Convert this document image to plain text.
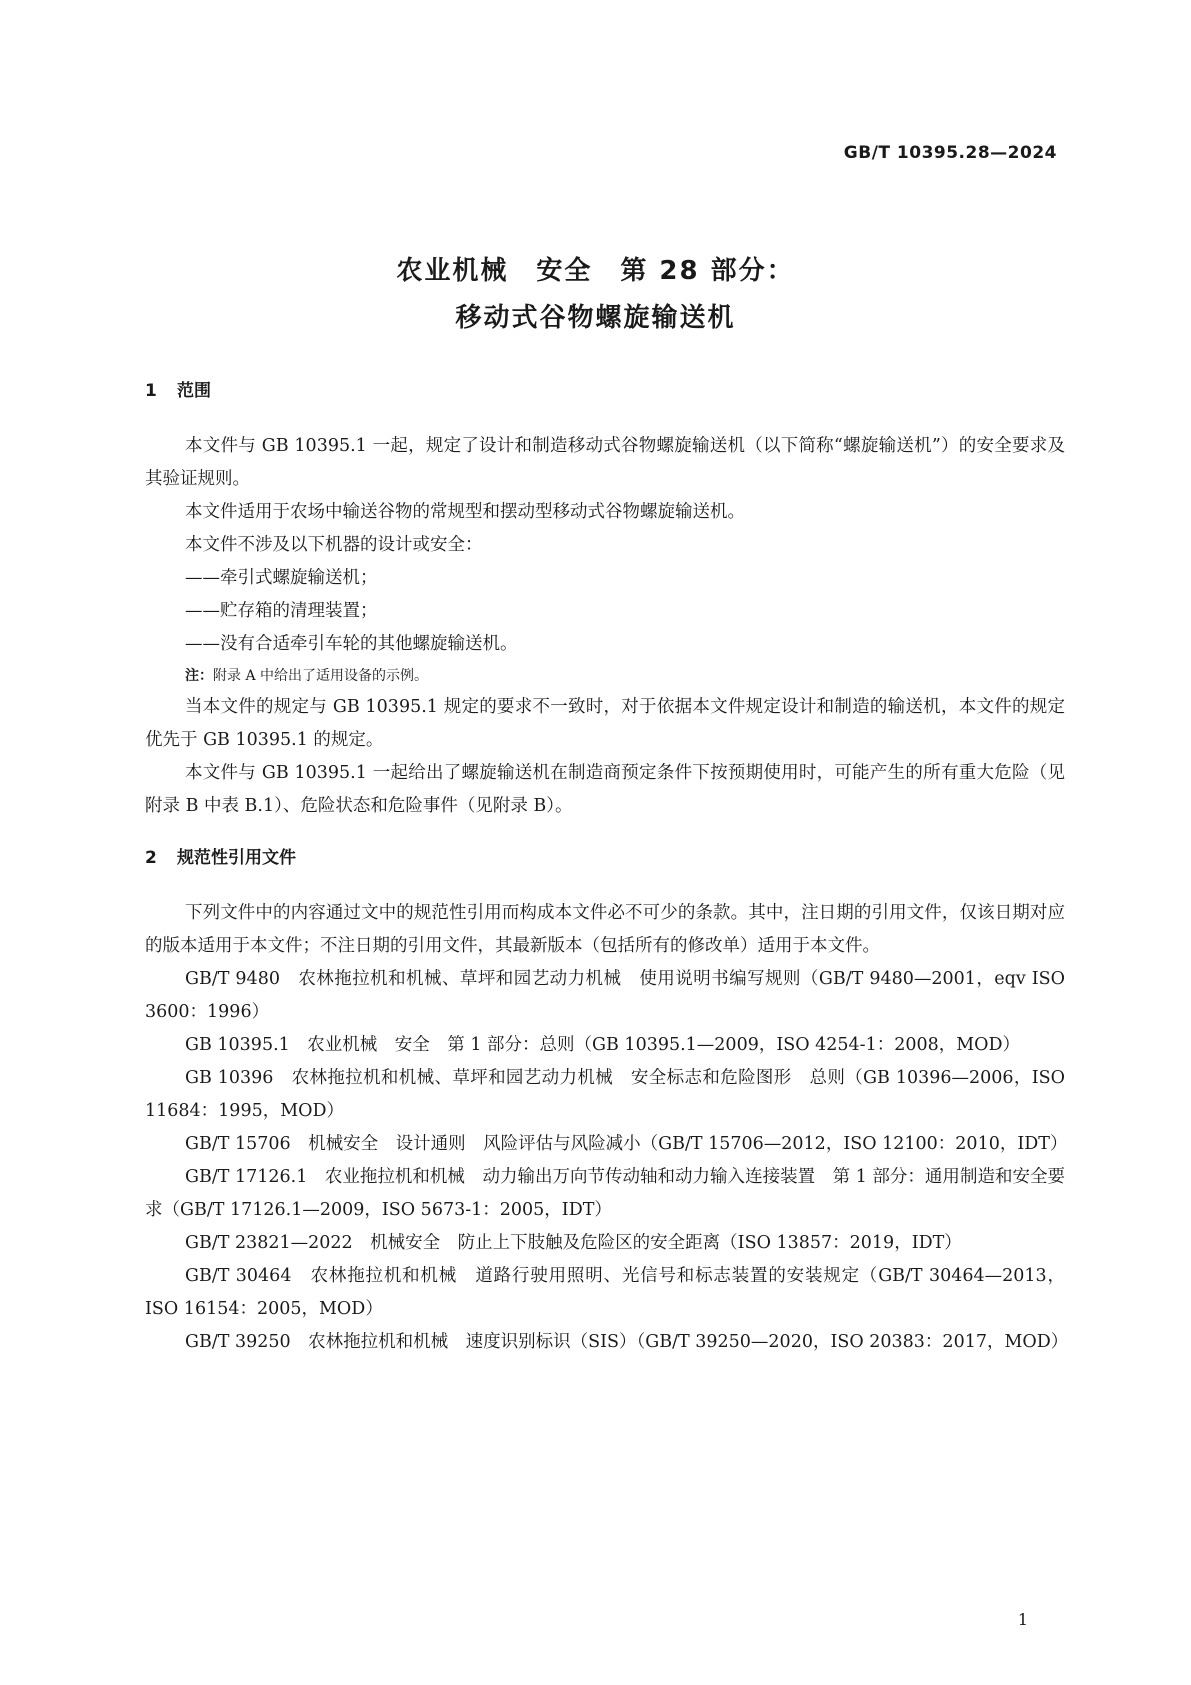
GB/T 10395.28—2024
农业机械　安全　第 28 部分：
移动式谷物螺旋输送机
1 范围

本文件与 GB 10395.1 一起，规定了设计和制造移动式谷物螺旋输送机（以下简称“螺旋输送机”）的安全要求及其验证规则。

本文件适用于农场中输送谷物的常规型和摆动型移动式谷物螺旋输送机。

本文件不涉及以下机器的设计或安全：

——牵引式螺旋输送机；

——贮存箱的清理装置；

——没有合适牵引车轮的其他螺旋输送机。

注：附录 A 中给出了适用设备的示例。

当本文件的规定与 GB 10395.1 规定的要求不一致时，对于依据本文件规定设计和制造的输送机，本文件的规定优先于 GB 10395.1 的规定。

本文件与 GB 10395.1 一起给出了螺旋输送机在制造商预定条件下按预期使用时，可能产生的所有重大危险（见附录 B 中表 B.1）、危险状态和危险事件（见附录 B）。

2 规范性引用文件

下列文件中的内容通过文中的规范性引用而构成本文件必不可少的条款。其中，注日期的引用文件，仅该日期对应的版本适用于本文件；不注日期的引用文件，其最新版本（包括所有的修改单）适用于本文件。

GB/T 9480　农林拖拉机和机械、草坪和园艺动力机械　使用说明书编写规则（GB/T 9480—2001，eqv ISO 3600：1996）

GB 10395.1　农业机械　安全　第 1 部分：总则（GB 10395.1—2009，ISO 4254-1：2008，MOD）

GB 10396　农林拖拉机和机械、草坪和园艺动力机械　安全标志和危险图形　总则（GB 10396—2006，ISO 11684：1995，MOD）

GB/T 15706　机械安全　设计通则　风险评估与风险减小（GB/T 15706—2012，ISO 12100：2010，IDT）

GB/T 17126.1　农业拖拉机和机械　动力输出万向节传动轴和动力输入连接装置　第 1 部分：通用制造和安全要求（GB/T 17126.1—2009，ISO 5673-1：2005，IDT）

GB/T 23821—2022　机械安全　防止上下肢触及危险区的安全距离（ISO 13857：2019，IDT）

GB/T 30464　农林拖拉机和机械　道路行驶用照明、光信号和标志装置的安装规定（GB/T 30464—2013，ISO 16154：2005，MOD）

GB/T 39250　农林拖拉机和机械　速度识别标识（SIS）（GB/T 39250—2020，ISO 20383：2017，MOD）

1
